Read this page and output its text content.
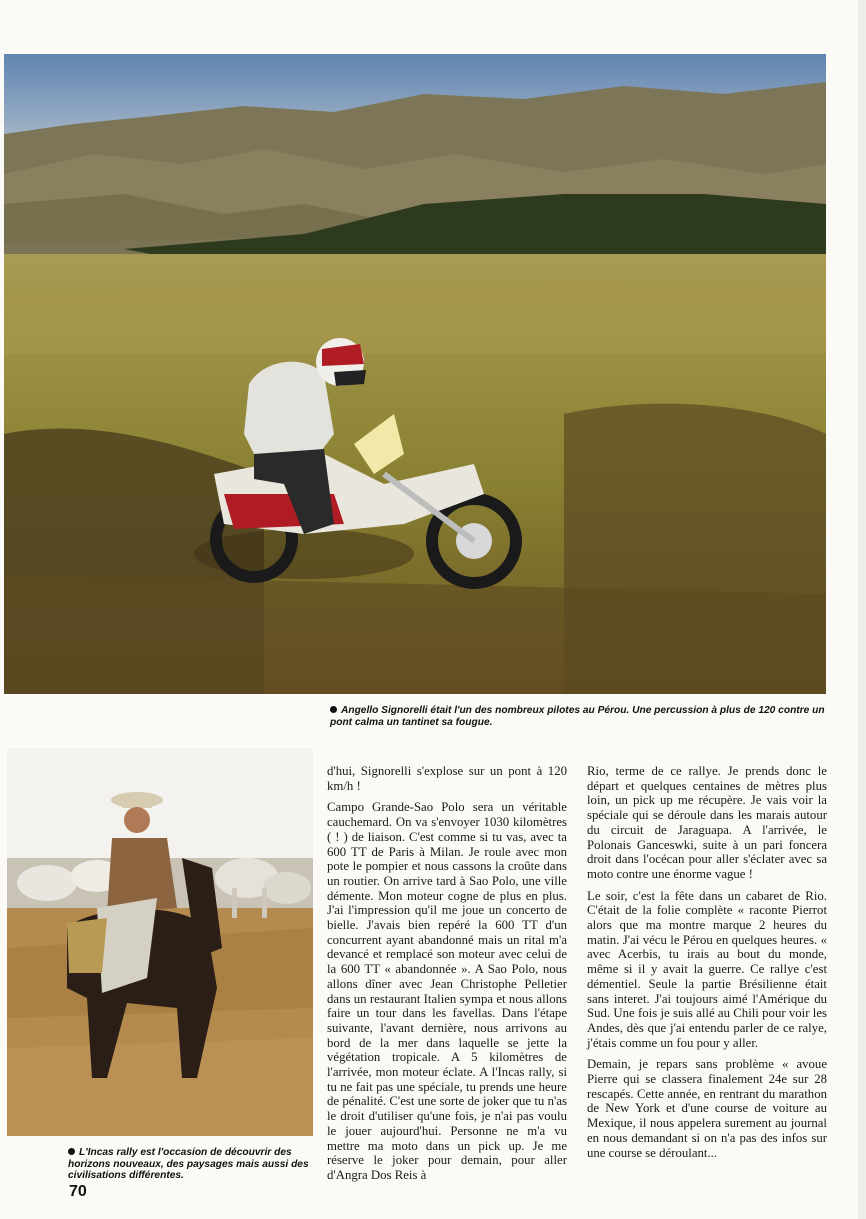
Angello Signorelli était l'un des nombreux pilotes au Pérou. Une percussion à plus de 120 contre un pont calma un tantinet sa fougue.
L'Incas rally est l'occasion de découvrir des horizons nouveaux, des paysages mais aussi des civilisations différentes.

d'hui, Signorelli s'explose sur un pont à 120 km/h !

Campo Grande-Sao Polo sera un véritable cauchemard. On va s'envoyer 1030 kilomètres ( ! ) de liaison. C'est comme si tu vas, avec ta 600 TT de Paris à Milan. Je roule avec mon pote le pompier et nous cassons la croûte dans un routier. On arrive tard à Sao Polo, une ville démente. Mon moteur cogne de plus en plus. J'ai l'impression qu'il me joue un concerto de bielle. J'avais bien repéré la 600 TT d'un concurrent ayant abandonné mais un rital m'a devancé et remplacé son moteur avec celui de la 600 TT « abandonnée ». A Sao Polo, nous allons dîner avec Jean Christophe Pelletier dans un restaurant Italien sympa et nous allons faire un tour dans les favellas. Dans l'étape suivante, l'avant dernière, nous arrivons au bord de la mer dans laquelle se jette la végétation tropicale. A 5 kilomètres de l'arrivée, mon moteur éclate. A l'Incas rally, si tu ne fait pas une spéciale, tu prends une heure de pénalité. C'est une sorte de joker que tu n'as le droit d'utiliser qu'une fois, je n'ai pas voulu le jouer aujourd'hui. Personne ne m'a vu mettre ma moto dans un pick up. Je me réserve le joker pour demain, pour aller d'Angra Dos Reis à

Rio, terme de ce rallye. Je prends donc le départ et quelques centaines de mètres plus loin, un pick up me récupère. Je vais voir la spéciale qui se déroule dans les marais autour du circuit de Jaraguapa. A l'arrivée, le Polonais Ganceswki, suite à un pari foncera droit dans l'océcan pour aller s'éclater avec sa moto contre une énorme vague !

Le soir, c'est la fête dans un cabaret de Rio. C'était de la folie complète « raconte Pierrot alors que ma montre marque 2 heures du matin. J'ai vécu le Pérou en quelques heures. « avec Acerbis, tu irais au bout du monde, même si il y avait la guerre. Ce rallye c'est démentiel. Seule la partie Brésilienne était sans interet. J'ai toujours aimé l'Amérique du Sud. Une fois je suis allé au Chili pour voir les Andes, dès que j'ai entendu parler de ce ralye, j'étais comme un fou pour y aller.

Demain, je repars sans problème « avoue Pierre qui se classera finalement 24e sur 28 rescapés. Cette année, en rentrant du marathon de New York et d'une course de voiture au Mexique, il nous appelera surement au journal en nous demandant si on n'a pas des infos sur une course se déroulant...

70
